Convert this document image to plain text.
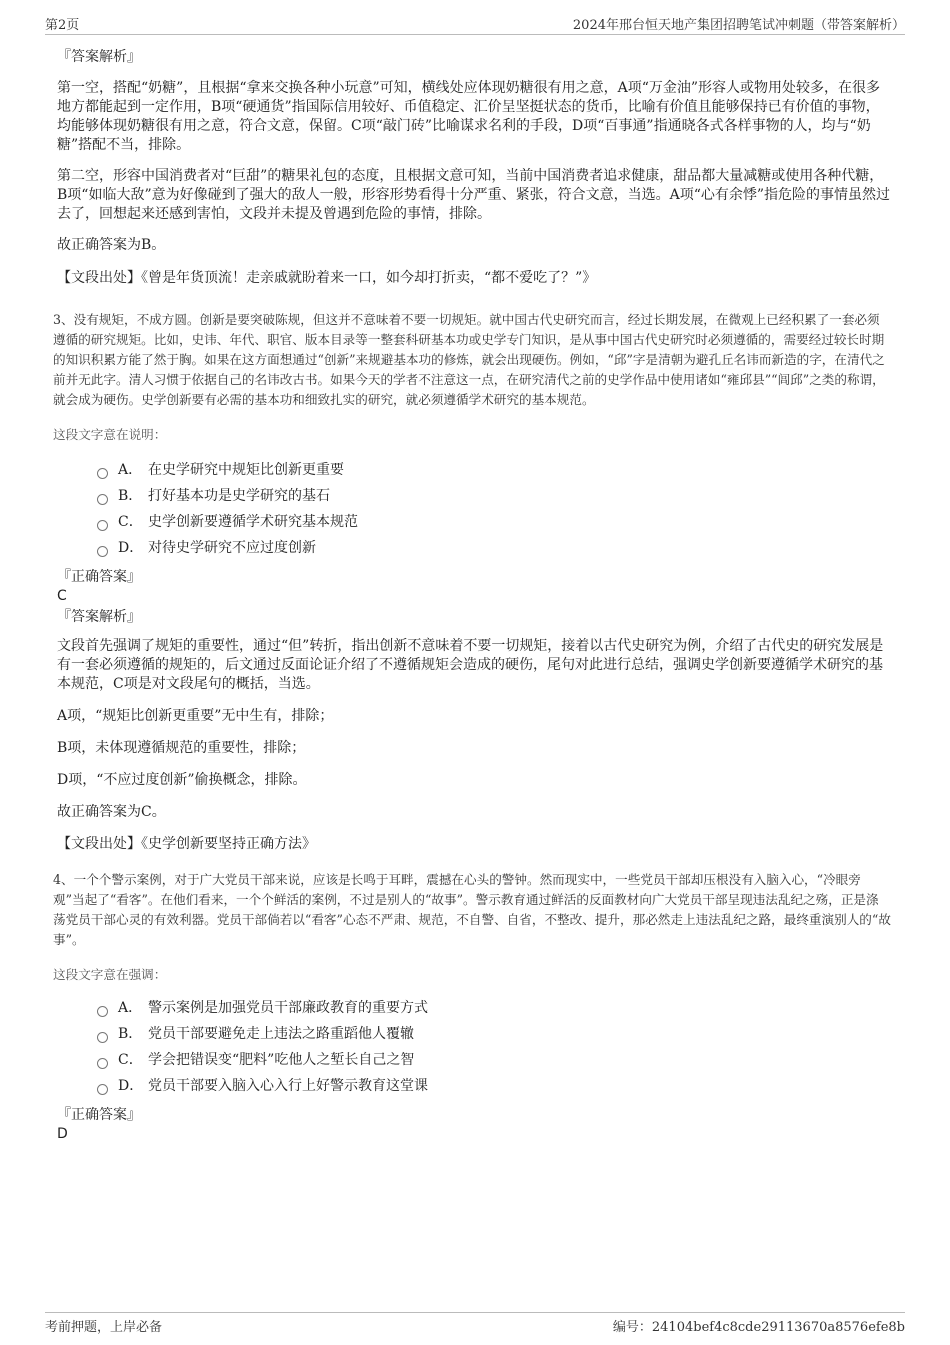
第2页	2024年邢台恒天地产集团招聘笔试冲刺题（带答案解析）

『答案解析』

第一空，搭配“奶糖”，且根据“拿来交换各种小玩意”可知，横线处应体现奶糖很有用之意，A项“万金油”形容人或物用处较多，在很多地方都能起到一定作用，B项“硬通货”指国际信用较好、币值稳定、汇价呈坚挺状态的货币，比喻有价值且能够保持已有价值的事物，均能够体现奶糖很有用之意，符合文意，保留。C项“敲门砖”比喻谋求名利的手段，D项“百事通”指通晓各式各样事物的人，均与“奶糖”搭配不当，排除。

第二空，形容中国消费者对“巨甜”的糖果礼包的态度，且根据文意可知，当前中国消费者追求健康，甜品都大量减糖或使用各种代糖，B项“如临大敌”意为好像碰到了强大的敌人一般，形容形势看得十分严重、紧张，符合文意，当选。A项“心有余悸”指危险的事情虽然过去了，回想起来还感到害怕，文段并未提及曾遇到危险的事情，排除。

故正确答案为B。

【文段出处】《曾是年货顶流！走亲戚就盼着来一口，如今却打折卖，“都不爱吃了？”》

3、没有规矩，不成方圆。创新是要突破陈规，但这并不意味着不要一切规矩。就中国古代史研究而言，经过长期发展，在微观上已经积累了一套必须遵循的研究规矩。比如，史讳、年代、职官、版本目录等一整套科研基本功或史学专门知识，是从事中国古代史研究时必须遵循的，需要经过较长时期的知识积累方能了然于胸。如果在这方面想通过“创新”来规避基本功的修炼，就会出现硬伤。例如，“邱”字是清朝为避孔丘名讳而新造的字，在清代之前并无此字。清人习惯于依据自己的名讳改古书。如果今天的学者不注意这一点，在研究清代之前的史学作品中使用诸如“雍邱县”“闾邱”之类的称谓，就会成为硬伤。史学创新要有必需的基本功和细致扎实的研究，就必须遵循学术研究的基本规范。

这段文字意在说明：

A． 在史学研究中规矩比创新更重要
B． 打好基本功是史学研究的基石
C． 史学创新要遵循学术研究基本规范
D． 对待史学研究不应过度创新

『正确答案』

C

『答案解析』

文段首先强调了规矩的重要性，通过“但”转折，指出创新不意味着不要一切规矩，接着以古代史研究为例，介绍了古代史的研究发展是有一套必须遵循的规矩的，后文通过反面论证介绍了不遵循规矩会造成的硬伤，尾句对此进行总结，强调史学创新要遵循学术研究的基本规范，C项是对文段尾句的概括，当选。

A项，“规矩比创新更重要”无中生有，排除；

B项，未体现遵循规范的重要性，排除；

D项，“不应过度创新”偷换概念，排除。

故正确答案为C。

【文段出处】《史学创新要坚持正确方法》

4、一个个警示案例，对于广大党员干部来说，应该是长鸣于耳畔，震撼在心头的警钟。然而现实中，一些党员干部却压根没有入脑入心，“冷眼旁观”当起了“看客”。在他们看来，一个个鲜活的案例，不过是别人的“故事”。警示教育通过鲜活的反面教材向广大党员干部呈现违法乱纪之殇，正是涤荡党员干部心灵的有效利器。党员干部倘若以“看客”心态不严肃、规范，不自警、自省，不整改、提升，那必然走上违法乱纪之路，最终重演别人的“故事”。

这段文字意在强调：

A． 警示案例是加强党员干部廉政教育的重要方式
B． 党员干部要避免走上违法之路重蹈他人覆辙
C． 学会把错误变“肥料”吃他人之堑长自己之智
D． 党员干部要入脑入心入行上好警示教育这堂课

『正确答案』

D

考前押题，上岸必备	编号：24104bef4c8cde29113670a8576efe8b
